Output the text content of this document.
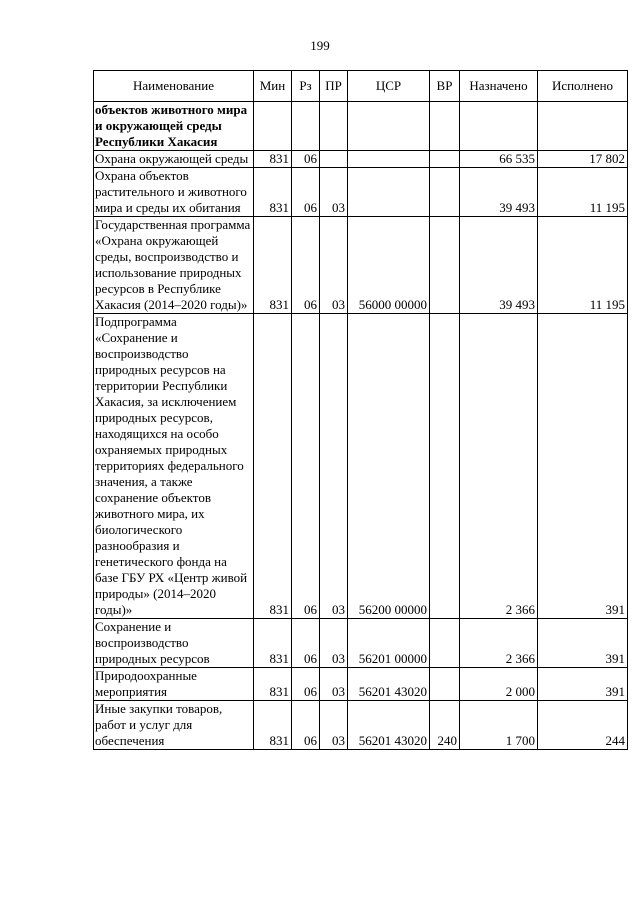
199
Наименование	Мин	Рз	ПР	ЦСР	ВР	Назначено	Исполнено
объектов животного мира и окружающей среды Республики Хакасия							
Охрана окружающей среды	831	06				66 535	17 802
Охрана объектов растительного и животного мира и среды их обитания	831	06	03			39 493	11 195
Государственная программа «Охрана окружающей среды, воспроизводство и использование природных ресурсов в Республике Хакасия (2014–2020 годы)»	831	06	03	56000 00000		39 493	11 195
Подпрограмма «Сохранение и воспроизводство природных ресурсов на территории Республики Хакасия, за исключением природных ресурсов, находящихся на особо охраняемых природных территориях федерального значения, а также сохранение объектов животного мира, их биологического разнообразия и генетического фонда на базе ГБУ РХ «Центр живой природы» (2014–2020 годы)»	831	06	03	56200 00000		2 366	391
Сохранение и воспроизводство природных ресурсов	831	06	03	56201 00000		2 366	391
Природоохранные мероприятия	831	06	03	56201 43020		2 000	391
Иные закупки товаров, работ и услуг для обеспечения	831	06	03	56201 43020	240	1 700	244
